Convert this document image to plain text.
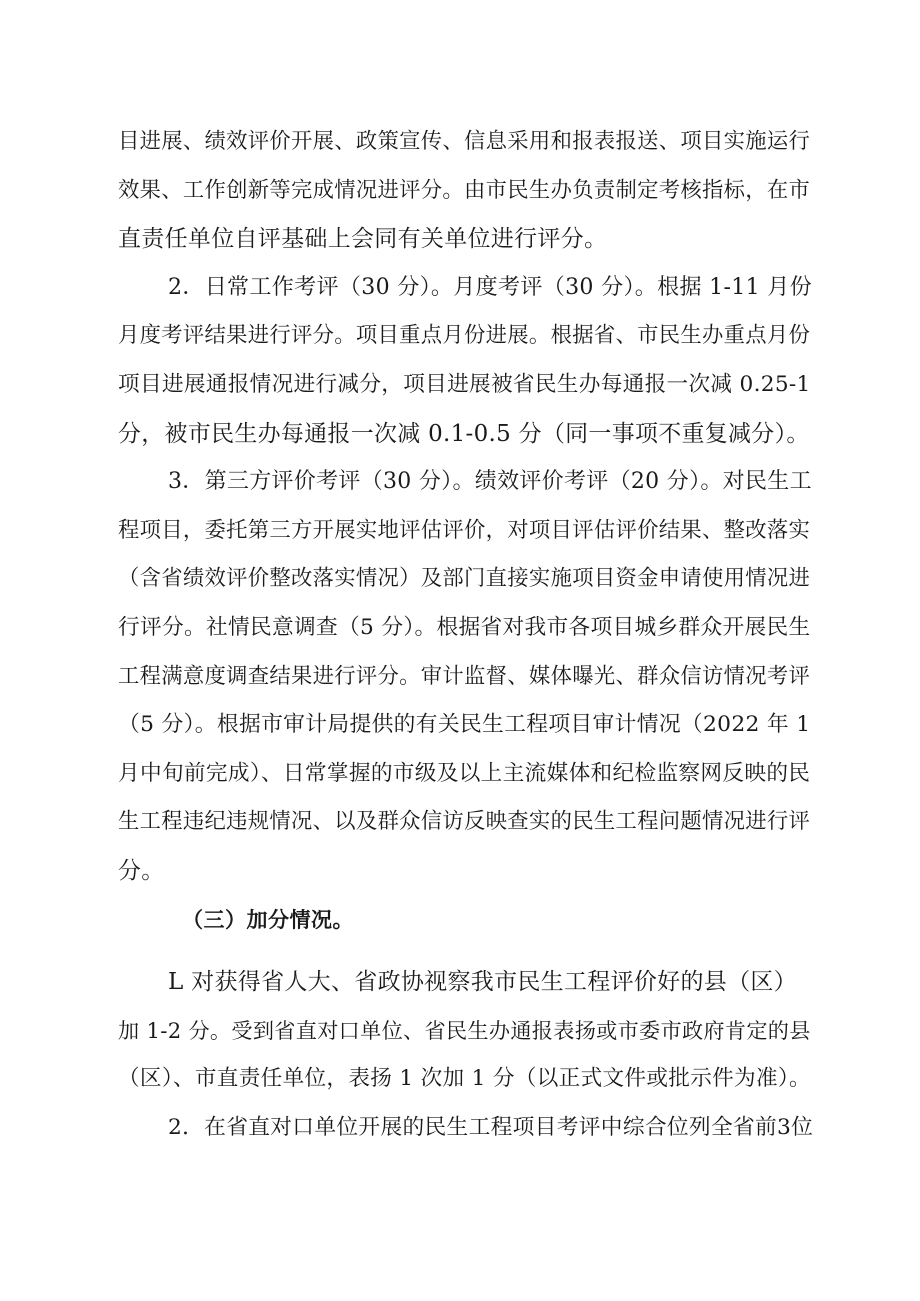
目进展、绩效评价开展、政策宣传、信息采用和报表报送、项目实施运行
效果、工作创新等完成情况进评分。由市民生办负责制定考核指标，在市
直责任单位自评基础上会同有关单位进行评分。
2．日常工作考评（30 分）。月度考评（30 分）。根据 1-11 月份
月度考评结果进行评分。项目重点月份进展。根据省、市民生办重点月份
项目进展通报情况进行减分，项目进展被省民生办每通报一次减 0.25-1
分，被市民生办每通报一次减 0.1-0.5 分（同一事项不重复减分）。
3．第三方评价考评（30 分）。绩效评价考评（20 分）。对民生工
程项目，委托第三方开展实地评估评价，对项目评估评价结果、整改落实
（含省绩效评价整改落实情况）及部门直接实施项目资金申请使用情况进
行评分。社情民意调查（5 分）。根据省对我市各项目城乡群众开展民生
工程满意度调查结果进行评分。审计监督、媒体曝光、群众信访情况考评
（5 分）。根据市审计局提供的有关民生工程项目审计情况（2022 年 1
月中旬前完成）、日常掌握的市级及以上主流媒体和纪检监察网反映的民
生工程违纪违规情况、以及群众信访反映查实的民生工程问题情况进行评
分。
（三）加分情况。
L 对获得省人大、省政协视察我市民生工程评价好的县（区）
加 1-2 分。受到省直对口单位、省民生办通报表扬或市委市政府肯定的县
（区）、市直责任单位，表扬 1 次加 1 分（以正式文件或批示件为准）。
2．在省直对口单位开展的民生工程项目考评中综合位列全省前3位
